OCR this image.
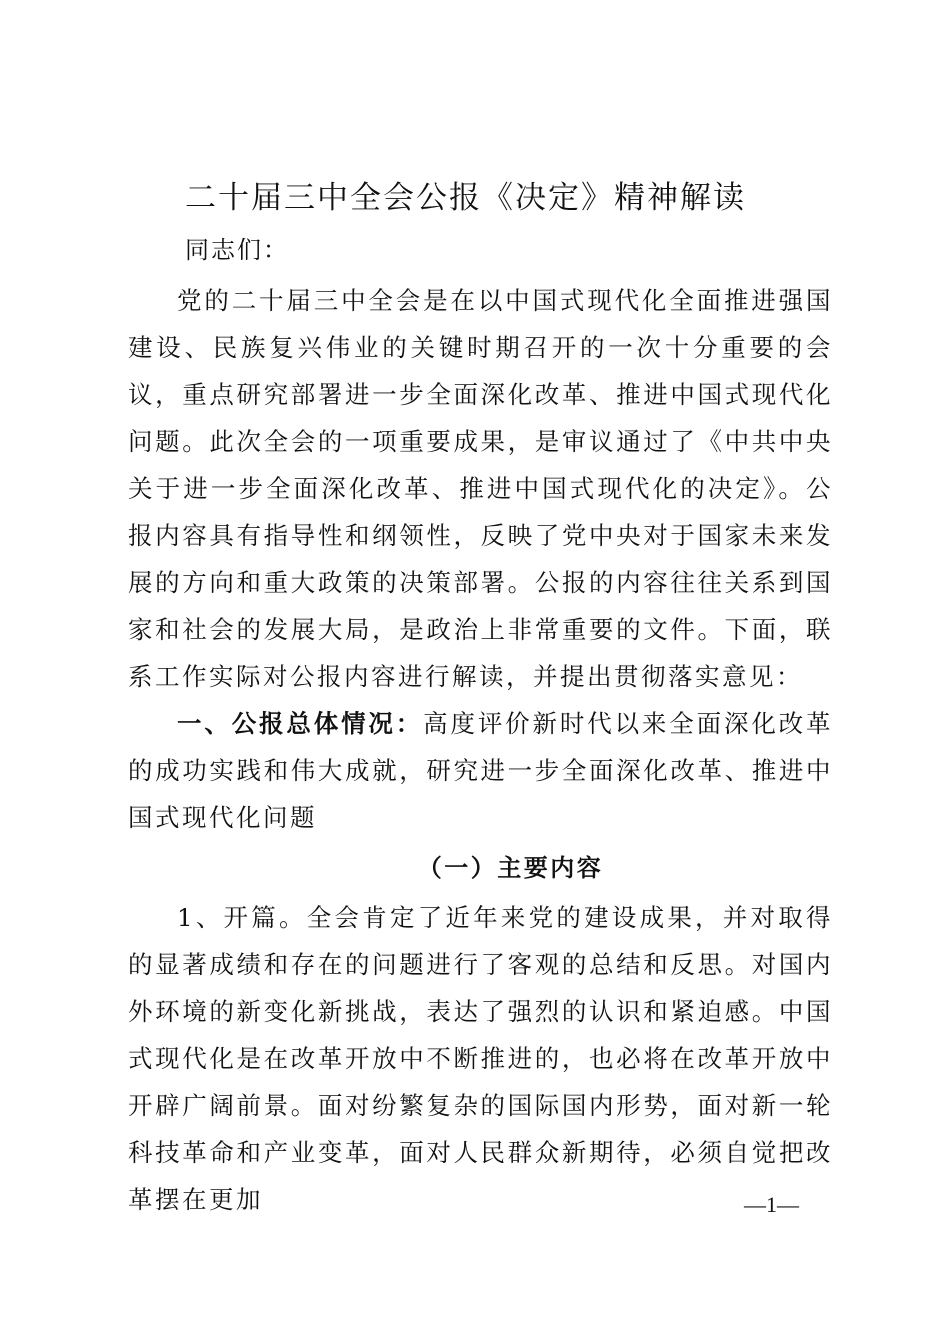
二十届三中全会公报《决定》精神解读
同志们：

党的二十届三中全会是在以中国式现代化全面推进强国建设、民族复兴伟业的关键时期召开的一次十分重要的会议，重点研究部署进一步全面深化改革、推进中国式现代化问题。此次全会的一项重要成果，是审议通过了《中共中央关于进一步全面深化改革、推进中国式现代化的决定》。公报内容具有指导性和纲领性，反映了党中央对于国家未来发展的方向和重大政策的决策部署。公报的内容往往关系到国家和社会的发展大局，是政治上非常重要的文件。下面，联系工作实际对公报内容进行解读，并提出贯彻落实意见：

一、公报总体情况：高度评价新时代以来全面深化改革的成功实践和伟大成就，研究进一步全面深化改革、推进中国式现代化问题

（一）主要内容

1、开篇。全会肯定了近年来党的建设成果，并对取得的显著成绩和存在的问题进行了客观的总结和反思。对国内外环境的新变化新挑战，表达了强烈的认识和紧迫感。中国式现代化是在改革开放中不断推进的，也必将在改革开放中开辟广阔前景。面对纷繁复杂的国际国内形势，面对新一轮科技革命和产业变革，面对人民群众新期待，必须自觉把改革摆在更加	—1—
